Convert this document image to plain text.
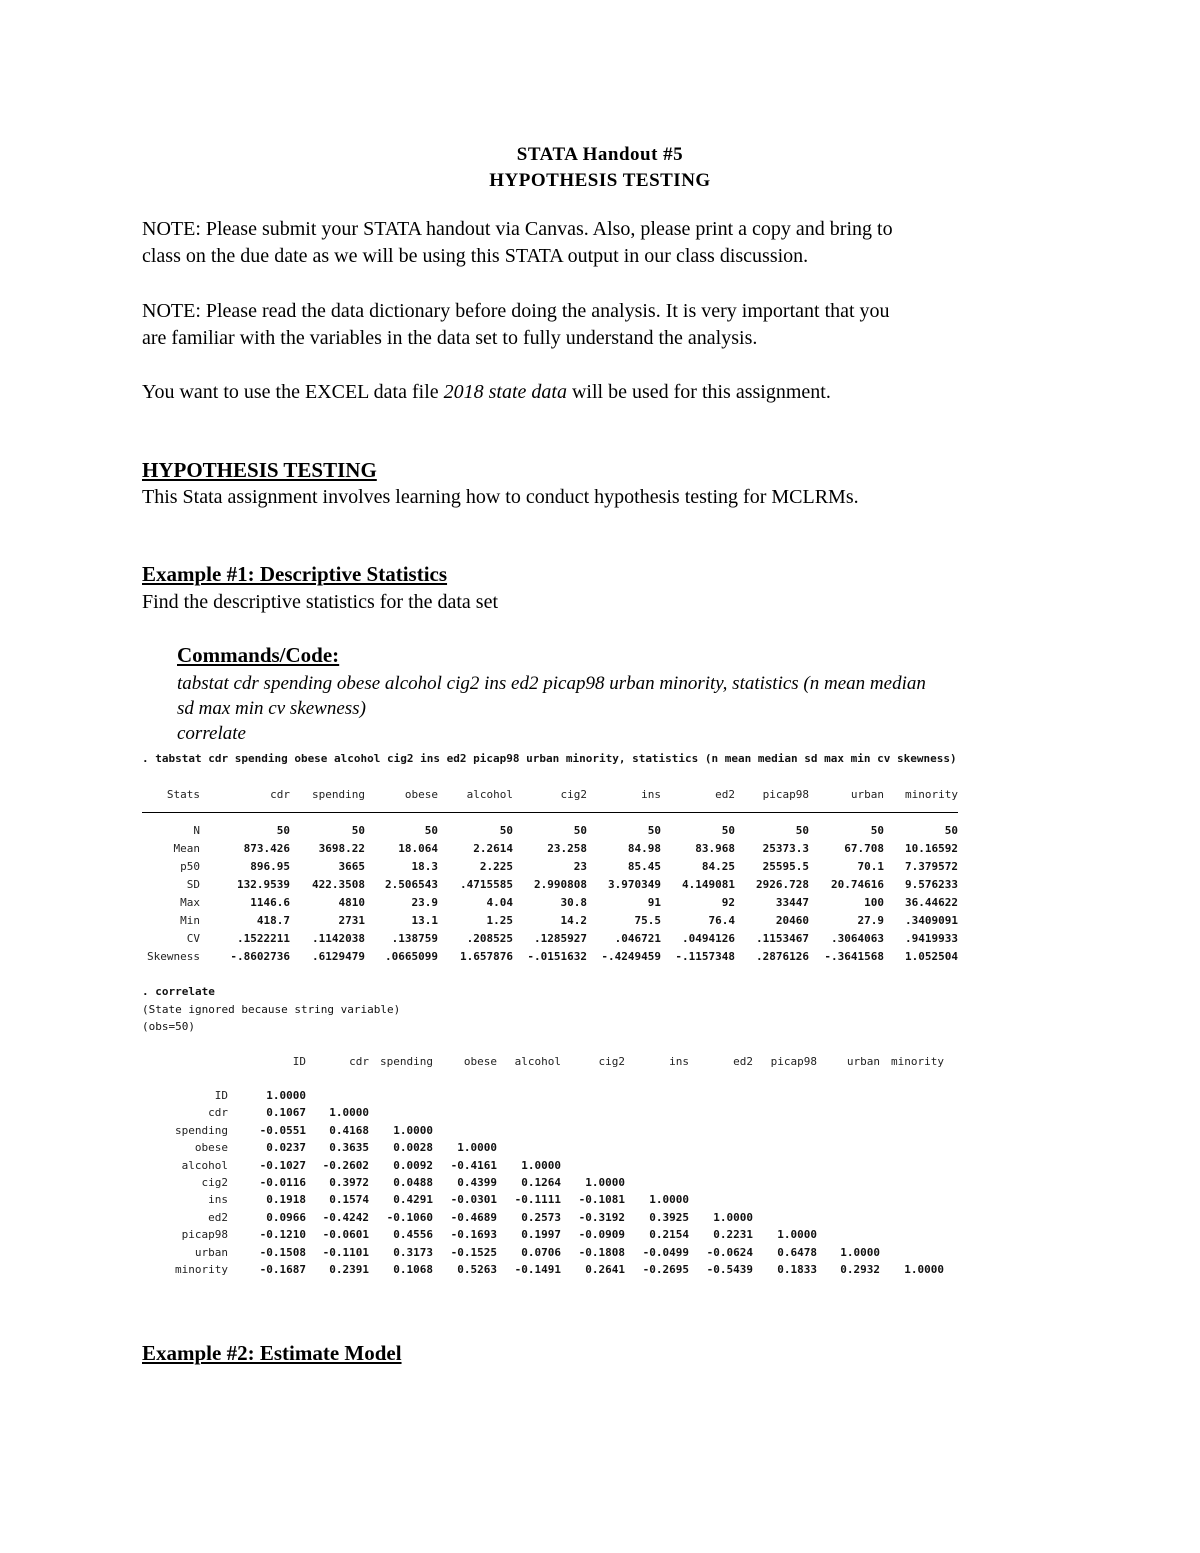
STATA Handout #5
HYPOTHESIS TESTING
NOTE: Please submit your STATA handout via Canvas. Also, please print a copy and bring to
class on the due date as we will be using this STATA output in our class discussion.
NOTE: Please read the data dictionary before doing the analysis. It is very important that you
are familiar with the variables in the data set to fully understand the analysis.
You want to use the EXCEL data file 2018 state data will be used for this assignment.
HYPOTHESIS TESTING
This Stata assignment involves learning how to conduct hypothesis testing for MCLRMs.
Example #1: Descriptive Statistics
Find the descriptive statistics for the data set
Commands/Code:
tabstat cdr spending obese alcohol cig2 ins ed2 picap98 urban minority, statistics (n mean median
sd max min cv skewness)
correlate
. tabstat cdr spending obese alcohol cig2 ins ed2 picap98 urban minority, statistics (n mean median sd max min cv skewness)
Stats	cdr spending	obese	alcohol	cig2	ins	ed2	picap98	urban minority
N	50	50	50	50	50	50	50	50	50	50
Mean	873.426	3698.22	18.064	2.2614	23.258	84.98	83.968	25373.3	67.708 10.16592
p50	896.95	3665	18.3	2.225	23	85.45	84.25	25595.5	70.1 7.379572
SD	132.9539 422.3508 2.506543 .4715585 2.990808 3.970349 4.149081 2926.728 20.74616 9.576233
Max	1146.6	4810	23.9	4.04	30.8	91	92	33447	100 36.44622
Min	418.7	2731	13.1	1.25	14.2	75.5	76.4	20460	27.9 .3409091
CV	.1522211 .1142038 .138759	.208525 .1285927	.046721 .0494126 .1153467 .3064063 .9419933
Skewness	-.8602736 .6129479 .0665099 1.657876 -.0151632 -.4249459 -.1157348 .2876126 -.3641568 1.052504
. correlate
(State ignored because string variable)
(obs=50)
ID	cdr spending	obese alcohol	cig2	ins	ed2 picap98	urban minority
ID	1.0000
cdr	0.1067 1.0000
spending	-0.0551 0.4168 1.0000
obese	0.0237 0.3635 0.0028 1.0000
alcohol	-0.1027 -0.2602 0.0092 -0.4161 1.0000
cig2	-0.0116 0.3972 0.0488 0.4399 0.1264 1.0000
ins	0.1918 0.1574 0.4291 -0.0301 -0.1111 -0.1081 1.0000
ed2	0.0966 -0.4242 -0.1060 -0.4689 0.2573 -0.3192 0.3925 1.0000
picap98	-0.1210 -0.0601 0.4556 -0.1693 0.1997 -0.0909 0.2154 0.2231 1.0000
urban	-0.1508 -0.1101 0.3173 -0.1525 0.0706 -0.1808 -0.0499 -0.0624 0.6478 1.0000
minority	-0.1687 0.2391 0.1068 0.5263 -0.1491 0.2641 -0.2695 -0.5439 0.1833 0.2932 1.0000
Example #2: Estimate Model
